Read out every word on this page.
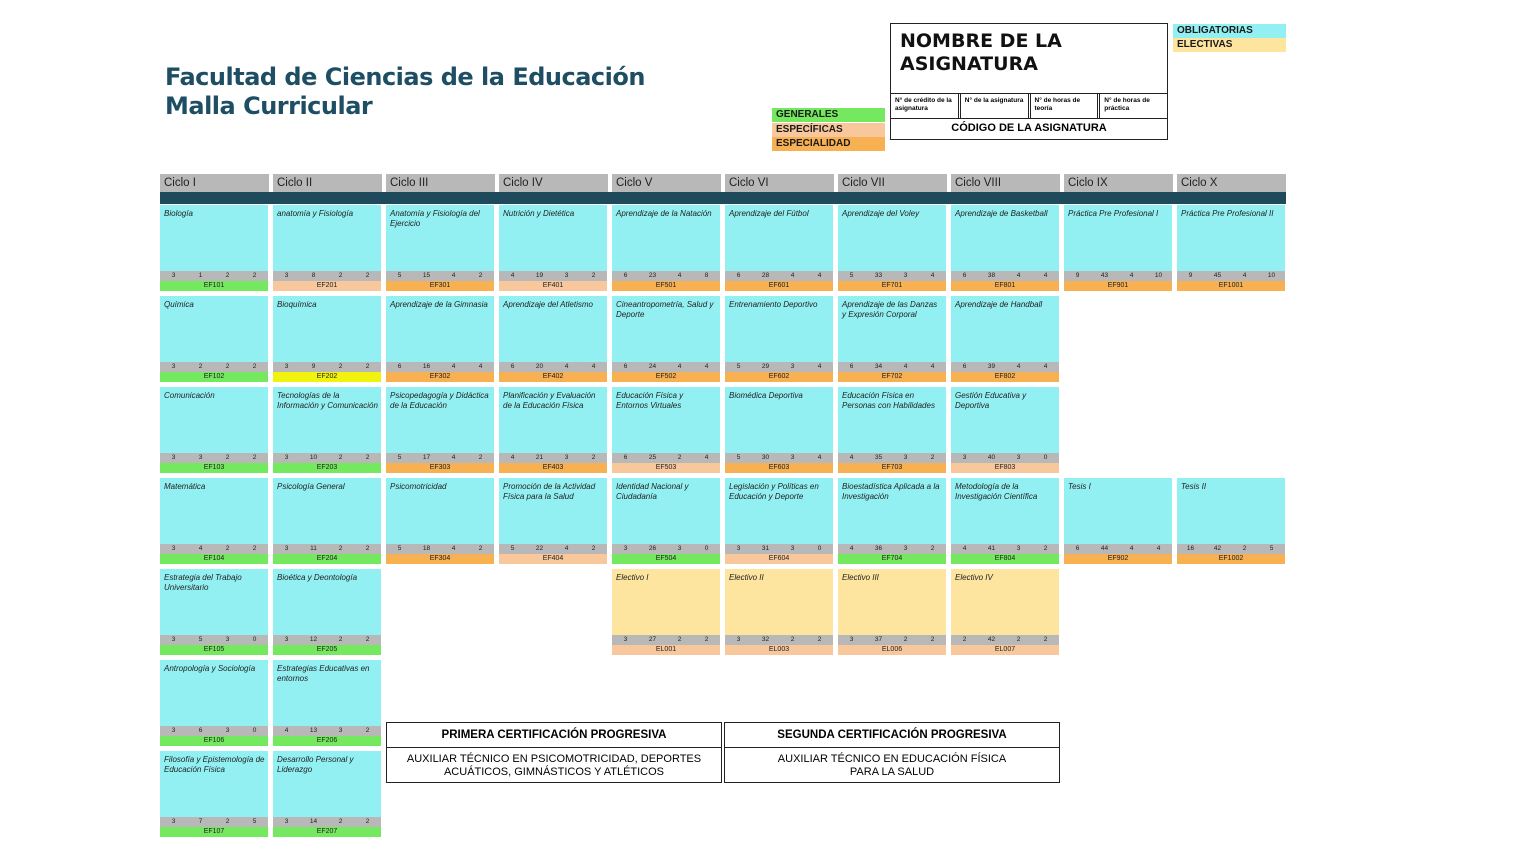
Facultad de Ciencias de la Educación
Malla Curricular
OBLIGATORIAS
ELECTIVAS
GENERALES
ESPECÍFICAS
ESPECIALIDAD
NOMBRE DE LA ASIGNATURA
N° de crédito de la asignatura
N° de la asignatura	N° de horas de teoría
N° de horas de práctica
CÓDIGO DE LA ASIGNATURA
Ciclo I	Ciclo II	Ciclo III	Ciclo IV	Ciclo V	Ciclo VI	Ciclo VII	Ciclo VIII	Ciclo IX	Ciclo X
Biología
3	1	2	2
EF101
Química
3	2	2	2
EF102
Comunicación
3	3	2	2
EF103
Matemática
3	4	2	2
EF104
Estrategia del Trabajo Universitario
3	5	3	0
EF105
Antropología y Sociología
3	6	3	0
EF106
Filosofía y Epistemología de Educación Física
3	7	2	5
EF107
anatomía y Fisiología
3	8	2	2
EF201
Bioquímica
3	9	2	2
EF202
Tecnologías de la Información y Comunicación
3	10	2	2
EF203
Psicología General
3	11	2	2
EF204
Bioética y Deontología
3	12	2	2
EF205
Estrategias Educativas en entornos
4	13	3	2
EF206
Desarrollo Personal y Liderazgo
3	14	2	2
EF207
Anatomía y Fisiología del Ejercicio
5	15	4	2
EF301
Aprendizaje de la Gimnasia
6	16	4	4
EF302
Psicopedagogía y Didáctica de la Educación
5	17	4	2
EF303
Psicomotricidad
5	18	4	2
EF304
Nutrición y Dietética
4	19	3	2
EF401
Aprendizaje del Atletismo
6	20	4	4
EF402
Planificación y Evaluación de la Educación Física
4	21	3	2
EF403
Promoción de la Actividad Física para la Salud
5	22	4	2
EF404
Aprendizaje de la Natación
6	23	4	8
EF501
Cineantropometría, Salud y Deporte
6	24	4	4
EF502
Educación Física y Entornos Virtuales
6	25	2	4
EF503
Identidad Nacional y Ciudadanía
3	26	3	0
EF504
Electivo I
3	27	2	2
EL001
Aprendizaje del Fútbol
6	28	4	4
EF601
Entrenamiento Deportivo
5	29	3	4
EF602
Biomédica Deportiva
5	30	3	4
EF603
Legislación y Políticas en Educación y Deporte
3	31	3	0
EF604
Electivo II
3	32	2	2
EL003
Aprendizaje del Voley
5	33	3	4
EF701
Aprendizaje de las Danzas y Expresión Corporal
6	34	4	4
EF702
Educación Física en Personas con Habilidades
4	35	3	2
EF703
Bioestadística Aplicada a la Investigación
4	36	3	2
EF704
Electivo III
3	37	2	2
EL006
Aprendizaje de Basketball
6	38	4	4
EF801
Aprendizaje de Handball
6	39	4	4
EF802
Gestión Educativa y Deportiva
3	40	3	0
EF803
Metodología de la Investigación Científica
4	41	3	2
EF804
Electivo IV
2	42	2	2
EL007
Práctica Pre Profesional I
9	43	4	10
EF901
Tesis I
6	44	4	4
EF902
Práctica Pre Profesional II
9	45	4	10
EF1001
Tesis II
16	42	2	5
EF1002
PRIMERA CERTIFICACIÓN PROGRESIVA
AUXILIAR TÉCNICO EN PSICOMOTRICIDAD, DEPORTES
ACUÁTICOS, GIMNÁSTICOS Y ATLÉTICOS
SEGUNDA CERTIFICACIÓN PROGRESIVA
AUXILIAR TÉCNICO EN EDUCACIÓN FÍSICA
PARA LA SALUD
